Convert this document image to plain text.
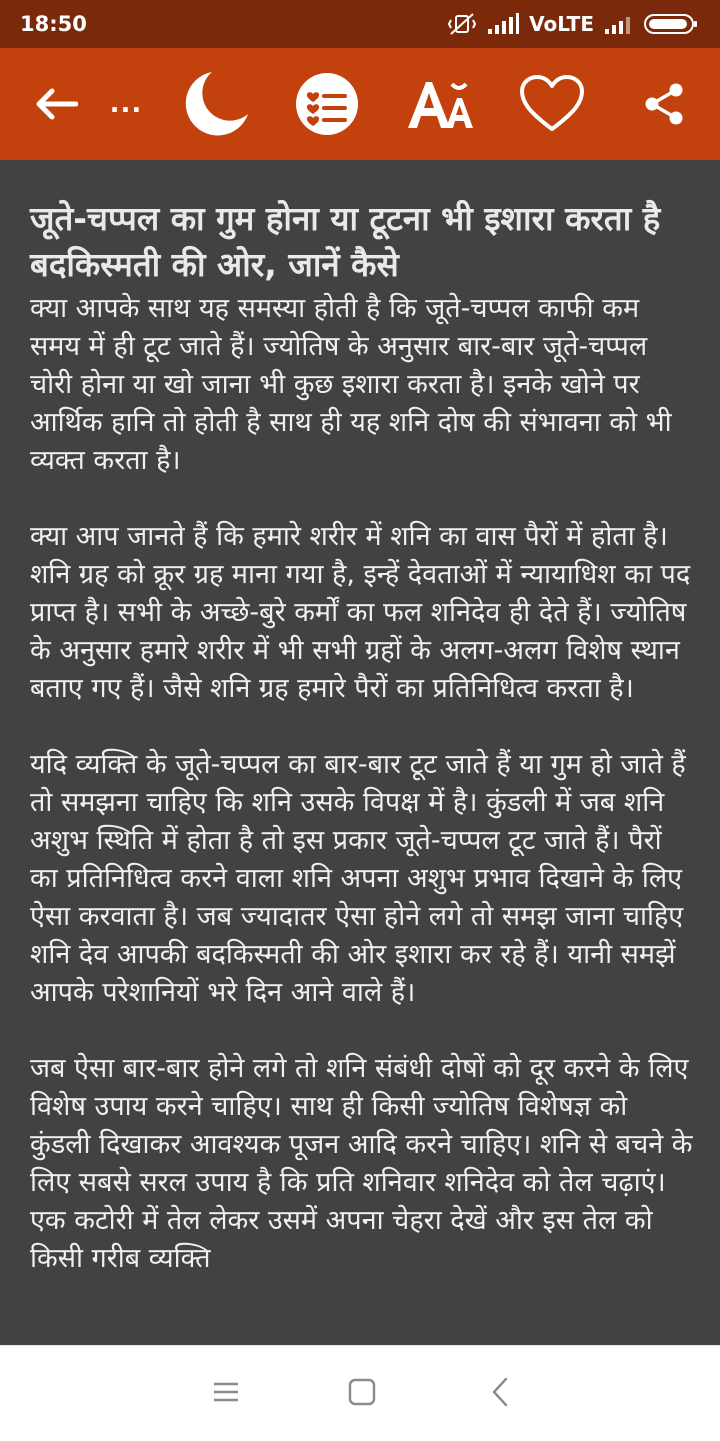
18:50	VoLTE
...
जूते-चप्पल का गुम होना या टूटना भी इशारा करता है बदकिस्मती की ओर, जानें कैसे

क्या आपके साथ यह समस्या होती है कि जूते-चप्पल काफी कम समय में ही टूट जाते हैं। ज्योतिष के अनुसार बार-बार जूते-चप्पल चोरी होना या खो जाना भी कुछ इशारा करता है। इनके खोने पर आर्थिक हानि तो होती है साथ ही यह शनि दोष की संभावना को भी व्यक्त करता है।

क्या आप जानते हैं कि हमारे शरीर में शनि का वास पैरों में होता है। शनि ग्रह को क्रूर ग्रह माना गया है, इन्हें देवताओं में न्यायाधिश का पद प्राप्त है। सभी के अच्छे-बुरे कर्मों का फल शनिदेव ही देते हैं। ज्योतिष के अनुसार हमारे शरीर में भी सभी ग्रहों के अलग-अलग विशेष स्थान बताए गए हैं। जैसे शनि ग्रह हमारे पैरों का प्रतिनिधित्व करता है।

यदि व्यक्ति के जूते-चप्पल का बार-बार टूट जाते हैं या गुम हो जाते हैं तो समझना चाहिए कि शनि उसके विपक्ष में है। कुंडली में जब शनि अशुभ स्थिति में होता है तो इस प्रकार जूते-चप्पल टूट जाते हैं। पैरों का प्रतिनिधित्व करने वाला शनि अपना अशुभ प्रभाव दिखाने के लिए ऐसा करवाता है। जब ज्यादातर ऐसा होने लगे तो समझ जाना चाहिए शनि देव आपकी बदकिस्मती की ओर इशारा कर रहे हैं। यानी समझें आपके परेशानियों भरे दिन आने वाले हैं।

जब ऐसा बार-बार होने लगे तो शनि संबंधी दोषों को दूर करने के लिए विशेष उपाय करने चाहिए। साथ ही किसी ज्योतिष विशेषज्ञ को कुंडली दिखाकर आवश्यक पूजन आदि करने चाहिए। शनि से बचने के लिए सबसे सरल उपाय है कि प्रति शनिवार शनिदेव को तेल चढ़ाएं। एक कटोरी में तेल लेकर उसमें अपना चेहरा देखें और इस तेल को किसी गरीब व्यक्ति
